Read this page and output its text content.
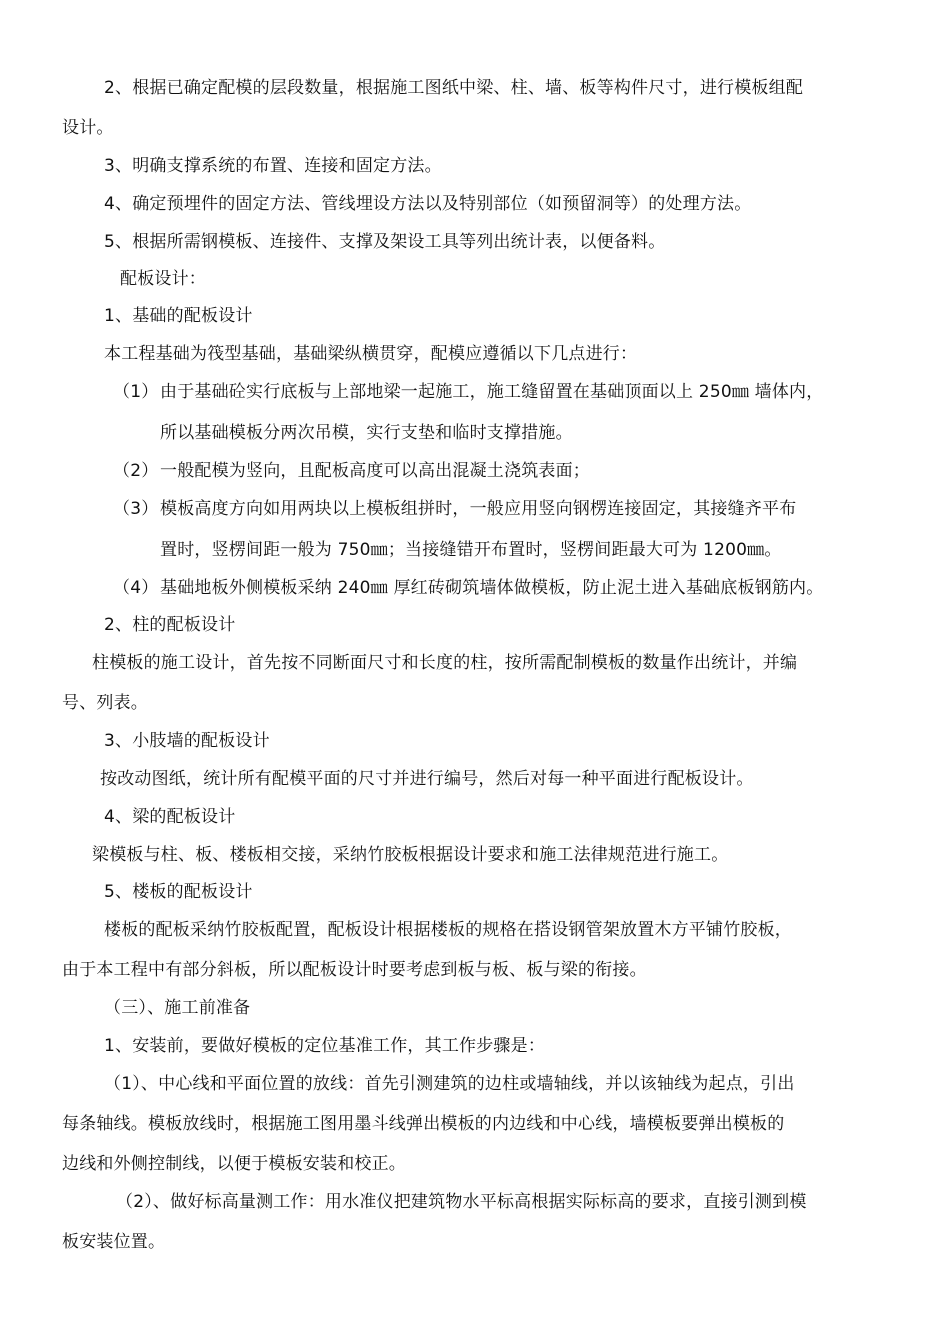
2、根据已确定配模的层段数量，根据施工图纸中梁、柱、墙、板等构件尺寸，进行模板组配
设计。
3、明确支撑系统的布置、连接和固定方法。
4、确定预埋件的固定方法、管线埋设方法以及特别部位（如预留洞等）的处理方法。
5、根据所需钢模板、连接件、支撑及架设工具等列出统计表，以便备料。
配板设计：
1、基础的配板设计
本工程基础为筏型基础，基础梁纵横贯穿，配模应遵循以下几点进行：
（1） 由于基础砼实行底板与上部地梁一起施工，施工缝留置在基础顶面以上 250㎜ 墙体内，
所以基础模板分两次吊模，实行支垫和临时支撑措施。
（2） 一般配模为竖向，且配板高度可以高出混凝土浇筑表面；
（3） 模板高度方向如用两块以上模板组拼时，一般应用竖向钢楞连接固定，其接缝齐平布
置时，竖楞间距一般为 750㎜；当接缝错开布置时，竖楞间距最大可为 1200㎜。
（4） 基础地板外侧模板采纳 240㎜ 厚红砖砌筑墙体做模板，防止泥土进入基础底板钢筋内。
2、柱的配板设计
柱模板的施工设计，首先按不同断面尺寸和长度的柱，按所需配制模板的数量作出统计，并编
号、列表。
3、小肢墙的配板设计
按改动图纸，统计所有配模平面的尺寸并进行编号，然后对每一种平面进行配板设计。
4、梁的配板设计
梁模板与柱、板、楼板相交接，采纳竹胶板根据设计要求和施工法律规范进行施工。
5、楼板的配板设计
楼板的配板采纳竹胶板配置，配板设计根据楼板的规格在搭设钢管架放置木方平铺竹胶板，
由于本工程中有部分斜板，所以配板设计时要考虑到板与板、板与梁的衔接。
（三）、施工前准备
1、安装前，要做好模板的定位基准工作，其工作步骤是：
（1）、中心线和平面位置的放线：首先引测建筑的边柱或墙轴线，并以该轴线为起点，引出
每条轴线。模板放线时，根据施工图用墨斗线弹出模板的内边线和中心线，墙模板要弹出模板的
边线和外侧控制线，以便于模板安装和校正。
（2）、做好标高量测工作：用水准仪把建筑物水平标高根据实际标高的要求，直接引测到模
板安装位置。
